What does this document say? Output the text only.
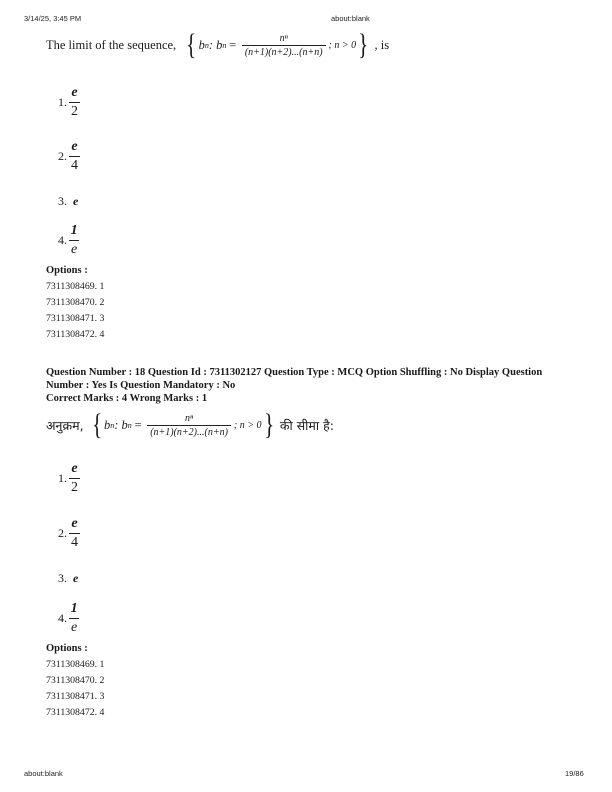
3/14/25, 3:45 PM	about:blank
The limit of the sequence, { b n : b $n = \frac{\text{nⁿ}}{(n+1)(n+2)...(n+n)}$ ; n > 0 } , is
1.
e
2
2.
e
4
3. e
4.
1
e
Options :
7311308469. 1
7311308470. 2
7311308471. 3
7311308472. 4
Question Number : 18 Question Id : 7311302127 Question Type : MCQ Option Shuffling : No Display Question
Number : Yes Is Question Mandatory : No
Correct Marks : 4 Wrong Marks : 1
अनुक्रम, { b n : b $n = \frac{\text{nⁿ}}{(n+1)(n+2)...(n+n)}$ ; n > 0 } की सीमा है:
1.
e
2
2.
e
4
3. e
4.
1
e
Options :
7311308469. 1
7311308470. 2
7311308471. 3
7311308472. 4
about:blank	19/86
